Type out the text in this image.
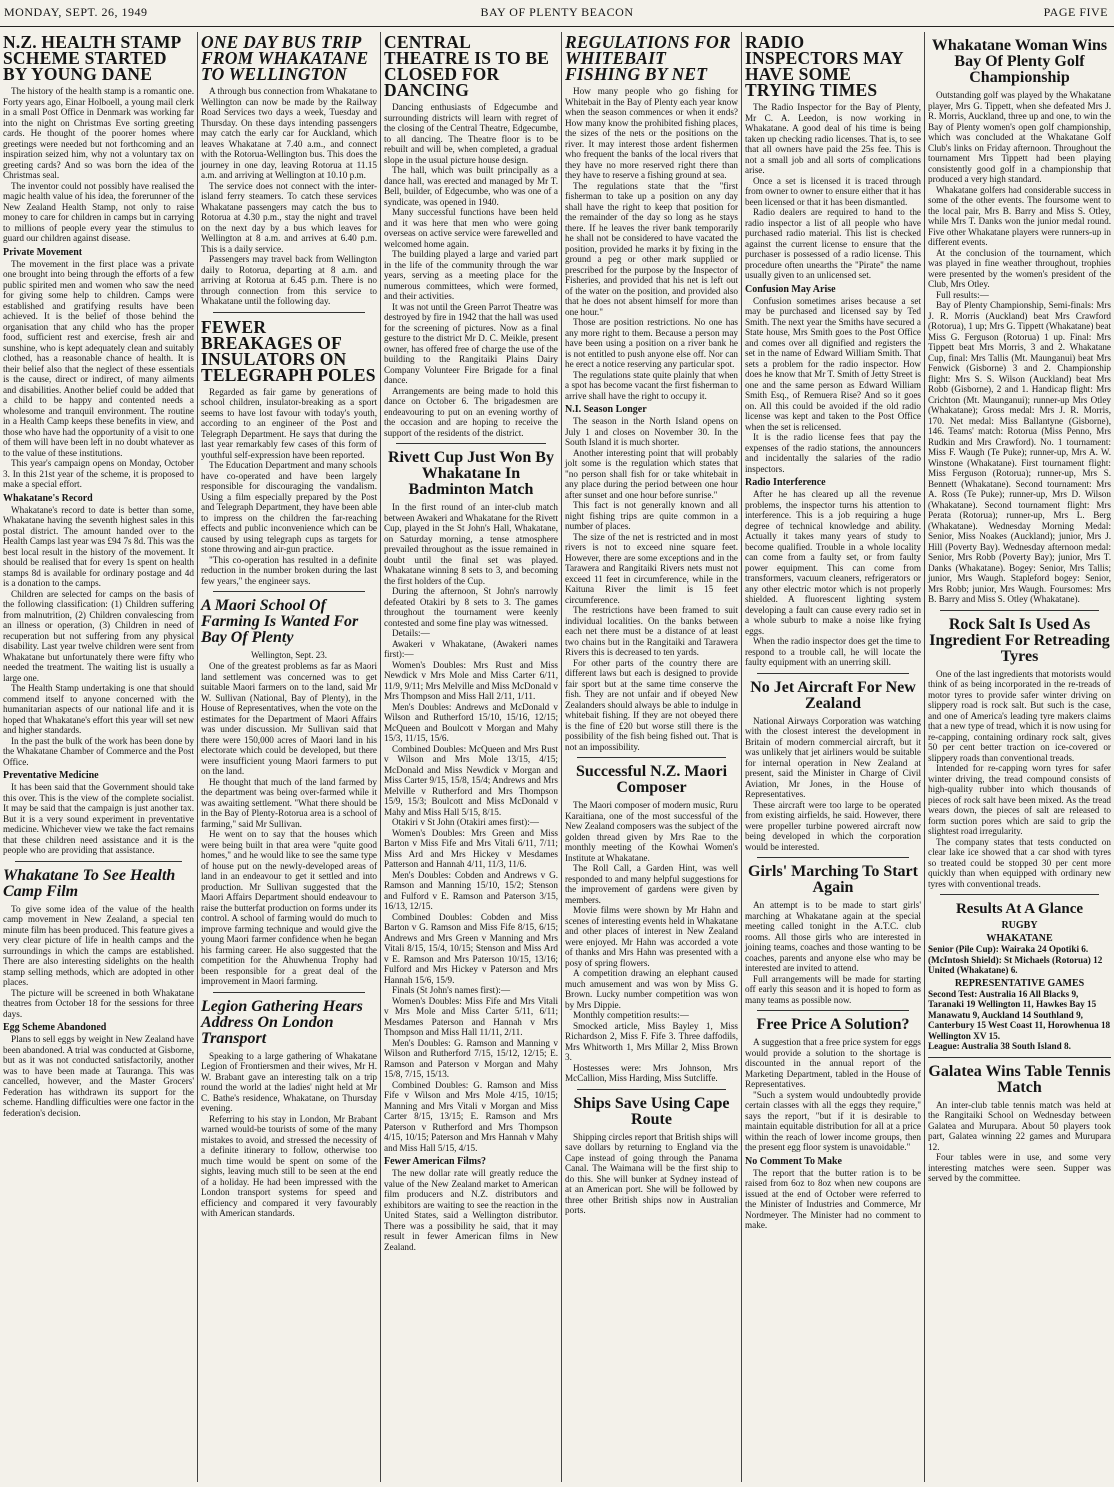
MONDAY, SEPT. 26, 1949	BAY OF PLENTY BEACON	PAGE FIVE
N.Z. HEALTH STAMP SCHEME STARTED BY YOUNG DANE

The history of the health stamp is a romantic one. Forty years ago, Einar Holboell, a young mail clerk in a small Post Office in Denmark was working far into the night on Christmas Eve sorting greeting cards. He thought of the poorer homes where greetings were needed but not forthcoming and an inspiration seized him, why not a voluntary tax on greeting cards? And so was born the idea of the Christmas seal.

The inventor could not possibly have realised the magic health value of his idea, the forerunner of the New Zealand Health Stamp, not only to raise money to care for children in camps but in carrying to millions of people every year the stimulus to guard our children against disease.

Private Movement

The movement in the first place was a private one brought into being through the efforts of a few public spirited men and women who saw the need for giving some help to children. Camps were established and gratifying results have been achieved. It is the belief of those behind the organisation that any child who has the proper food, sufficient rest and exercise, fresh air and sunshine, who is kept adequately clean and suitably clothed, has a reasonable chance of health. It is their belief also that the neglect of these essentials is the cause, direct or indirect, of many ailments and disabilities. Another belief could be added that a child to be happy and contented needs a wholesome and tranquil environment. The routine in a Health Camp keeps these benefits in view, and those who have had the opportunity of a visit to one of them will have been left in no doubt whatever as to the value of these institutions.

This year's campaign opens on Monday, October 3. In this 21st year of the scheme, it is proposed to make a special effort.

Whakatane's Record

Whakatane's record to date is better than some, Whakatane having the seventh highest sales in this postal district. The amount handed over to the Health Camps last year was £94 7s 8d. This was the best local result in the history of the movement. It should be realised that for every 1s spent on health stamps 8d is available for ordinary postage and 4d is a donation to the camps.

Children are selected for camps on the basis of the following classification: (1) Children suffering from malnutrition, (2) Children convalescing from an illness or operation, (3) Children in need of recuperation but not suffering from any physical disability. Last year twelve children were sent from Whakatane but unfortunately there were fifty who needed the treatment. The waiting list is usually a large one.

The Health Stamp undertaking is one that should commend itself to anyone concerned with the humanitarian aspects of our national life and it is hoped that Whakatane's effort this year will set new and higher standards.

In the past the bulk of the work has been done by the Whakatane Chamber of Commerce and the Post Office.

Preventative Medicine

It has been said that the Government should take this over. This is the view of the complete socialist. It may be said that the campaign is just another tax. But it is a very sound experiment in preventative medicine. Whichever view we take the fact remains that these children need assistance and it is the people who are providing that assistance.

Whakatane To See Health Camp Film

To give some idea of the value of the health camp movement in New Zealand, a special ten minute film has been produced. This feature gives a very clear picture of life in health camps and the surroundings in which the camps are established. There are also interesting sidelights on the health stamp selling methods, which are adopted in other places.

The picture will be screened in both Whakatane theatres from October 18 for the sessions for three days.

Egg Scheme Abandoned

Plans to sell eggs by weight in New Zealand have been abandoned. A trial was conducted at Gisborne, but as it was not conducted satisfactorily, another was to have been made at Tauranga. This was cancelled, however, and the Master Grocers' Federation has withdrawn its support for the scheme. Handling difficulties were one factor in the federation's decision.

ONE DAY BUS TRIP FROM WHAKATANE TO WELLINGTON

A through bus connection from Whakatane to Wellington can now be made by the Railway Road Services two days a week, Tuesday and Thursday. On these days intending passengers may catch the early car for Auckland, which leaves Whakatane at 7.40 a.m., and connect with the Rotorua-Wellington bus. This does the journey in one day, leaving Rotorua at 11.15 a.m. and arriving at Wellington at 10.10 p.m.

The service does not connect with the inter-island ferry steamers. To catch these services Whakatane passengers may catch the bus to Rotorua at 4.30 p.m., stay the night and travel on the next day by a bus which leaves for Wellington at 8 a.m. and arrives at 6.40 p.m. This is a daily service.

Passengers may travel back from Wellington daily to Rotorua, departing at 8 a.m. and arriving at Rotorua at 6.45 p.m. There is no through connection from this service to Whakatane until the following day.

FEWER BREAKAGES OF INSULATORS ON TELEGRAPH POLES

Regarded as fair game by generations of school children, insulator-breaking as a sport seems to have lost favour with today's youth, according to an engineer of the Post and Telegraph Department. He says that during the last year remarkably few cases of this form of youthful self-expression have been reported.

The Education Department and many schools have co-operated and have been largely responsible for discouraging the vandalism. Using a film especially prepared by the Post and Telegraph Department, they have been able to impress on the children the far-reaching effects and public inconvenience which can be caused by using telegraph cups as targets for stone throwing and air-gun practice.

"This co-operation has resulted in a definite reduction in the number broken during the last few years," the engineer says.

A Maori School Of Farming Is Wanted For Bay Of Plenty
Wellington, Sept. 23.

One of the greatest problems as far as Maori land settlement was concerned was to get suitable Maori farmers on to the land, said Mr W. Sullivan (National, Bay of Plenty), in the House of Representatives, when the vote on the estimates for the Department of Maori Affairs was under discussion. Mr Sullivan said that there were 150,000 acres of Maori land in his electorate which could be developed, but there were insufficient young Maori farmers to put on the land.

He thought that much of the land farmed by the department was being over-farmed while it was awaiting settlement. "What there should be in the Bay of Plenty-Rotorua area is a school of farming," said Mr Sullivan.

He went on to say that the houses which were being built in that area were "quite good homes," and he would like to see the same type of house put on the newly-developed areas of land in an endeavour to get it settled and into production. Mr Sullivan suggested that the Maori Affairs Department should endeavour to raise the butterfat production on forms under its control. A school of farming would do much to improve farming technique and would give the young Maori farmer confidence when he began his farming career. He also suggested that the competition for the Ahuwhenua Trophy had been responsible for a great deal of the improvement in Maori farming.

Legion Gathering Hears Address On London Transport

Speaking to a large gathering of Whakatane Legion of Frontiersmen and their wives, Mr H. W. Brabant gave an interesting talk on a trip round the world at the ladies' night held at Mr C. Bathe's residence, Whakatane, on Thursday evening.

Referring to his stay in London, Mr Brabant warned would-be tourists of some of the many mistakes to avoid, and stressed the necessity of a definite itinerary to follow, otherwise too much time would be spent on some of the sights, leaving much still to be seen at the end of a holiday. He had been impressed with the London transport systems for speed and efficiency and compared it very favourably with American standards.

CENTRAL THEATRE IS TO BE CLOSED FOR DANCING

Dancing enthusiasts of Edgecumbe and surrounding districts will learn with regret of the closing of the Central Theatre, Edgecumbe, to all dancing. The Theatre floor is to be rebuilt and will be, when completed, a gradual slope in the usual picture house design.

The hall, which was built principally as a dance hall, was erected and managed by Mr T. Bell, builder, of Edgecumbe, who was one of a syndicate, was opened in 1940.

Many successful functions have been held and it was here that men who were going overseas on active service were farewelled and welcomed home again.

The building played a large and varied part in the life of the community through the war years, serving as a meeting place for the numerous committees, which were formed, and their activities.

It was not until the Green Parrot Theatre was destroyed by fire in 1942 that the hall was used for the screening of pictures. Now as a final gesture to the district Mr D. C. Meikle, present owner, has offered free of charge the use of the building to the Rangitaiki Plains Dairy Company Volunteer Fire Brigade for a final dance.

Arrangements are being made to hold this dance on October 6. The brigadesmen are endeavouring to put on an evening worthy of the occasion and are hoping to receive the support of the residents of the district.

Rivett Cup Just Won By Whakatane In Badminton Match

In the first round of an inter-club match between Awakeri and Whakatane for the Rivett Cup, played in the St John's Hall, Whakatane, on Saturday morning, a tense atmosphere prevailed throughout as the issue remained in doubt until the final set was played. Whakatane winning 8 sets to 3, and becoming the first holders of the Cup.

During the afternoon, St John's narrowly defeated Otakiri by 8 sets to 3. The games throughout the tournament were keenly contested and some fine play was witnessed.

Details:—

Awakeri v Whakatane, (Awakeri names first):—

Women's Doubles: Mrs Rust and Miss Newdick v Mrs Mole and Miss Carter 6/11, 11/9, 9/11; Mrs Melville and Miss McDonald v Mrs Thompson and Miss Hall 2/11, 1/11.

Men's Doubles: Andrews and McDonald v Wilson and Rutherford 15/10, 15/16, 12/15; McQueen and Boulcott v Morgan and Mahy 15/3, 11/15, 15/6.

Combined Doubles: McQueen and Mrs Rust v Wilson and Mrs Mole 13/15, 4/15; McDonald and Miss Newdick v Morgan and Miss Carter 9/15, 15/8, 15/4; Andrews and Mrs Melville v Rutherford and Mrs Thompson 15/9, 15/3; Boulcott and Miss McDonald v Mahy and Miss Hall 5/15, 8/15.

Otakiri v St John (Otakiri ames first):—

Women's Doubles: Mrs Green and Miss Barton v Miss Fife and Mrs Vitali 6/11, 7/11; Miss Ard and Mrs Hickey v Mesdames Patterson and Hannah 4/11, 11/3, 11/6.

Men's Doubles: Cobden and Andrews v G. Ramson and Manning 15/10, 15/2; Stenson and Fulford v E. Ramson and Paterson 3/15, 16/13, 12/15.

Combined Doubles: Cobden and Miss Barton v G. Ramson and Miss Fife 8/15, 6/15; Andrews and Mrs Green v Manning and Mrs Vitali 8/15, 15/4, 10/15; Stenson and Miss Ard v E. Ramson and Mrs Paterson 10/15, 13/16; Fulford and Mrs Hickey v Paterson and Mrs Hannah 15/6, 15/9.

Finals (St John's names first):—

Women's Doubles: Miss Fife and Mrs Vitali v Mrs Mole and Miss Carter 5/11, 6/11; Mesdames Paterson and Hannah v Mrs Thompson and Miss Hall 11/11, 2/11.

Men's Doubles: G. Ramson and Manning v Wilson and Rutherford 7/15, 15/12, 12/15; E. Ramson and Paterson v Morgan and Mahy 15/8, 7/15, 15/13.

Combined Doubles: G. Ramson and Miss Fife v Wilson and Mrs Mole 4/15, 10/15; Manning and Mrs Vitali v Morgan and Miss Carter 8/15, 13/15; E. Ramson and Mrs Paterson v Rutherford and Mrs Thompson 4/15, 10/15; Paterson and Mrs Hannah v Mahy and Miss Hall 5/15, 4/15.

Fewer American Films?

The new dollar rate will greatly reduce the value of the New Zealand market to American film producers and N.Z. distributors and exhibitors are waiting to see the reaction in the United States, said a Wellington distributor. There was a possibility he said, that it may result in fewer American films in New Zealand.

REGULATIONS FOR WHITEBAIT FISHING BY NET

How many people who go fishing for Whitebait in the Bay of Plenty each year know when the season commences or when it ends? How many know the prohibited fishing places, the sizes of the nets or the positions on the river. It may interest those ardent fishermen who frequent the banks of the local rivers that they have no more reserved right there than they have to reserve a fishing ground at sea.

The regulations state that the "first fisherman to take up a position on any day shall have the right to keep that position for the remainder of the day so long as he stays there. If he leaves the river bank temporarily he shall not be considered to have vacated the position, provided he marks it by fixing in the ground a peg or other mark supplied or prescribed for the purpose by the Inspector of Fisheries, and provided that his net is left out of the water on the position, and provided also that he does not absent himself for more than one hour."

Those are position restrictions. No one has any more right to them. Because a person may have been using a position on a river bank he is not entitled to push anyone else off. Nor can he erect a notice reserving any particular spot.

The regulations state quite plainly that when a spot has become vacant the first fisherman to arrive shall have the right to occupy it.

N.I. Season Longer

The season in the North Island opens on July 1 and closes on November 30. In the South Island it is much shorter.

Another interesting point that will probably jolt some is the regulation which states that "no person shall fish for or take whitebait in any place during the period between one hour after sunset and one hour before sunrise."

This fact is not generally known and all night fishing trips are quite common in a number of places.

The size of the net is restricted and in most rivers is not to exceed nine square feet. However, there are some exceptions and in the Tarawera and Rangitaiki Rivers nets must not exceed 11 feet in circumference, while in the Kaituna River the limit is 15 feet circumference.

The restrictions have been framed to suit individual localities. On the banks between each net there must be a distance of at least two chains but in the Rangitaiki and Tarawera Rivers this is decreased to ten yards.

For other parts of the country there are different laws but each is designed to provide fair sport but at the same time conserve the fish. They are not unfair and if obeyed New Zealanders should always be able to indulge in whitebait fishing. If they are not obeyed there is the fine of £20 but worse still there is the possibility of the fish being fished out. That is not an impossibility.

Successful N.Z. Maori Composer

The Maori composer of modern music, Ruru Karaitiana, one of the most successful of the New Zealand composers was the subject of the golden thread given by Mrs Rae to the monthly meeting of the Kowhai Women's Institute at Whakatane.

The Roll Call, a Garden Hint, was well responded to and many helpful suggestions for the improvement of gardens were given by members.

Movie films were shown by Mr Hahn and scenes of interesting events held in Whakatane and other places of interest in New Zealand were enjoyed. Mr Hahn was accorded a vote of thanks and Mrs Hahn was presented with a posy of spring flowers.

A competition drawing an elephant caused much amusement and was won by Miss G. Brown. Lucky number competition was won by Mrs Dippie.

Monthly competition results:—

Smocked article, Miss Bayley 1, Miss Richardson 2, Miss F. Fife 3. Three daffodils, Mrs Whitworth 1, Mrs Millar 2, Miss Brown 3.

Hostesses were: Mrs Johnson, Mrs McCallion, Miss Harding, Miss Sutcliffe.

Ships Save Using Cape Route

Shipping circles report that British ships will save dollars by returning to England via the Cape instead of going through the Panama Canal. The Waimana will be the first ship to do this. She will bunker at Sydney instead of at an American port. She will be followed by three other British ships now in Australian ports.

RADIO INSPECTORS MAY HAVE SOME TRYING TIMES

The Radio Inspector for the Bay of Plenty, Mr C. A. Leedon, is now working in Whakatane. A good deal of his time is being taken up checking radio licenses. That is, to see that all owners have paid the 25s fee. This is not a small job and all sorts of complications arise.

Once a set is licensed it is traced through from owner to owner to ensure either that it has been licensed or that it has been dismantled.

Radio dealers are required to hand to the radio inspector a list of all people who have purchased radio material. This list is checked against the current license to ensure that the purchaser is possessed of a radio license. This procedure often unearths the "Pirate" the name usually given to an unlicensed set.

Confusion May Arise

Confusion sometimes arises because a set may be purchased and licensed say by Ted Smith. The next year the Smiths have secured a State house, Mrs Smith goes to the Post Office and comes over all dignified and registers the set in the name of Edward William Smith. That sets a problem for the radio inspector. How does he know that Mr T. Smith of Jetty Street is one and the same person as Edward William Smith Esq., of Remuera Rise? And so it goes on. All this could be avoided if the old radio license was kept and taken to the Post Office when the set is relicensed.

It is the radio license fees that pay the expenses of the radio stations, the announcers and incidentally the salaries of the radio inspectors.

Radio Interference

After he has cleared up all the revenue problems, the inspector turns his attention to interference. This is a job requiring a huge degree of technical knowledge and ability. Actually it takes many years of study to become qualified. Trouble in a whole locality can come from a faulty set, or from faulty power equipment. This can come from transformers, vacuum cleaners, refrigerators or any other electric motor which is not properly shielded. A fluorescent lighting system developing a fault can cause every radio set in a whole suburb to make a noise like frying eggs.

When the radio inspector does get the time to respond to a trouble call, he will locate the faulty equipment with an unerring skill.

No Jet Aircraft For New Zealand

National Airways Corporation was watching with the closest interest the development in Britain of modern commercial aircraft, but it was unlikely that jet airliners would be suitable for internal operation in New Zealand at present, said the Minister in Charge of Civil Aviation, Mr Jones, in the House of Representatives.

These aircraft were too large to be operated from existing airfields, he said. However, there were propeller turbine powered aircraft now being developed in which the corporation would be interested.

Girls' Marching To Start Again

An attempt is to be made to start girls' marching at Whakatane again at the special meeting called tonight in the A.T.C. club rooms. All those girls who are interested in joining teams, coaches and those wanting to be coaches, parents and anyone else who may be interested are invited to attend.

Full arrangements will be made for starting off early this season and it is hoped to form as many teams as possible now.

Free Price A Solution?

A suggestion that a free price system for eggs would provide a solution to the shortage is discounted in the annual report of the Marketing Department, tabled in the House of Representatives.

"Such a system would undoubtedly provide certain classes with all the eggs they require," says the report, "but if it is desirable to maintain equitable distribution for all at a price within the reach of lower income groups, then the present egg floor system is unavoidable."

No Comment To Make

The report that the butter ration is to be raised from 6oz to 8oz when new coupons are issued at the end of October were referred to the Minister of Industries and Commerce, Mr Nordmeyer. The Minister had no comment to make.

Whakatane Woman Wins Bay Of Plenty Golf Championship

Outstanding golf was played by the Whakatane player, Mrs G. Tippett, when she defeated Mrs J. R. Morris, Auckland, three up and one, to win the Bay of Plenty women's open golf championship, which was concluded at the Whakatane Golf Club's links on Friday afternoon. Throughout the tournament Mrs Tippett had been playing consistently good golf in a championship that produced a very high standard.

Whakatane golfers had considerable success in some of the other events. The foursome went to the local pair, Mrs B. Barry and Miss S. Otley, while Mrs T. Danks won the junior medal round. Five other Whakatane players were runners-up in different events.

At the conclusion of the tournament, which was played in fine weather throughout, trophies were presented by the women's president of the Club, Mrs Otley.

Full results:—

Bay of Plenty Championship, Semi-finals: Mrs J. R. Morris (Auckland) beat Mrs Crawford (Rotorua), 1 up; Mrs G. Tippett (Whakatane) beat Miss G. Ferguson (Rotorua) 1 up. Final: Mrs Tippett beat Mrs Morris, 3 and 2. Whakatane Cup, final: Mrs Tallis (Mt. Maunganui) beat Mrs Fenwick (Gisborne) 3 and 2. Championship flight: Mrs S. S. Wilson (Auckland) beat Mrs Robb (Gisborne), 2 and 1. Handicap flight: Mrs Crichton (Mt. Maunganui); runner-up Mrs Otley (Whakatane); Gross medal: Mrs J. R. Morris, 170. Net medal: Miss Ballantyne (Gisborne), 146. Teams' match: Rotorua (Miss Penno, Mrs Rudkin and Mrs Crawford). No. 1 tournament: Miss F. Waugh (Te Puke); runner-up, Mrs A. W. Winstone (Whakatane). First tournament flight: Miss Ferguson (Rotorua); runner-up, Mrs S. Bennett (Whakatane). Second tournament: Mrs A. Ross (Te Puke); runner-up, Mrs D. Wilson (Whakatane). Second tournament flight: Mrs Perata (Rotorua); runner-up, Mrs L. Berg (Whakatane). Wednesday Morning Medal: Senior, Miss Noakes (Auckland); junior, Mrs J. Hill (Poverty Bay). Wednesday afternoon medal: Senior, Mrs Robb (Poverty Bay); junior, Mrs T. Danks (Whakatane). Bogey: Senior, Mrs Tallis; junior, Mrs Waugh. Stapleford bogey: Senior, Mrs Robb; junior, Mrs Waugh. Foursomes: Mrs B. Barry and Miss S. Otley (Whakatane).

Rock Salt Is Used As Ingredient For Retreading Tyres

One of the last ingredients that motorists would think of as being incorporated in the re-treads of motor tyres to provide safer winter driving on slippery road is rock salt. But such is the case, and one of America's leading tyre makers claims that a new type of tread, which it is now using for re-capping, containing ordinary rock salt, gives 50 per cent better traction on ice-covered or slippery roads than conventional treads.

Intended for re-capping worn tyres for safer winter driving, the tread compound consists of high-quality rubber into which thousands of pieces of rock salt have been mixed. As the tread wears down, the pieces of salt are released to form suction pores which are said to grip the slightest road irregularity.

The company states that tests conducted on clear lake ice showed that a car shod with tyres so treated could be stopped 30 per cent more quickly than when equipped with ordinary new tyres with conventional treads.

Results At A Glance
RUGBY
WHAKATANE
Senior (Pile Cup): Wairaka 24 Opotiki 6. (McIntosh Shield): St Michaels (Rotorua) 12 United (Whakatane) 6.
REPRESENTATIVE GAMES
Second Test: Australia 16 All Blacks 9, Taranaki 19 Wellington 11, Hawkes Bay 15 Manawatu 9, Auckland 14 Southland 9, Canterbury 15 West Coast 11, Horowhenua 18 Wellington XV 15.
League: Australia 38 South Island 8.
Galatea Wins Table Tennis Match

An inter-club table tennis match was held at the Rangitaiki School on Wednesday between Galatea and Murupara. About 50 players took part, Galatea winning 22 games and Murupara 12.

Four tables were in use, and some very interesting matches were seen. Supper was served by the committee.
